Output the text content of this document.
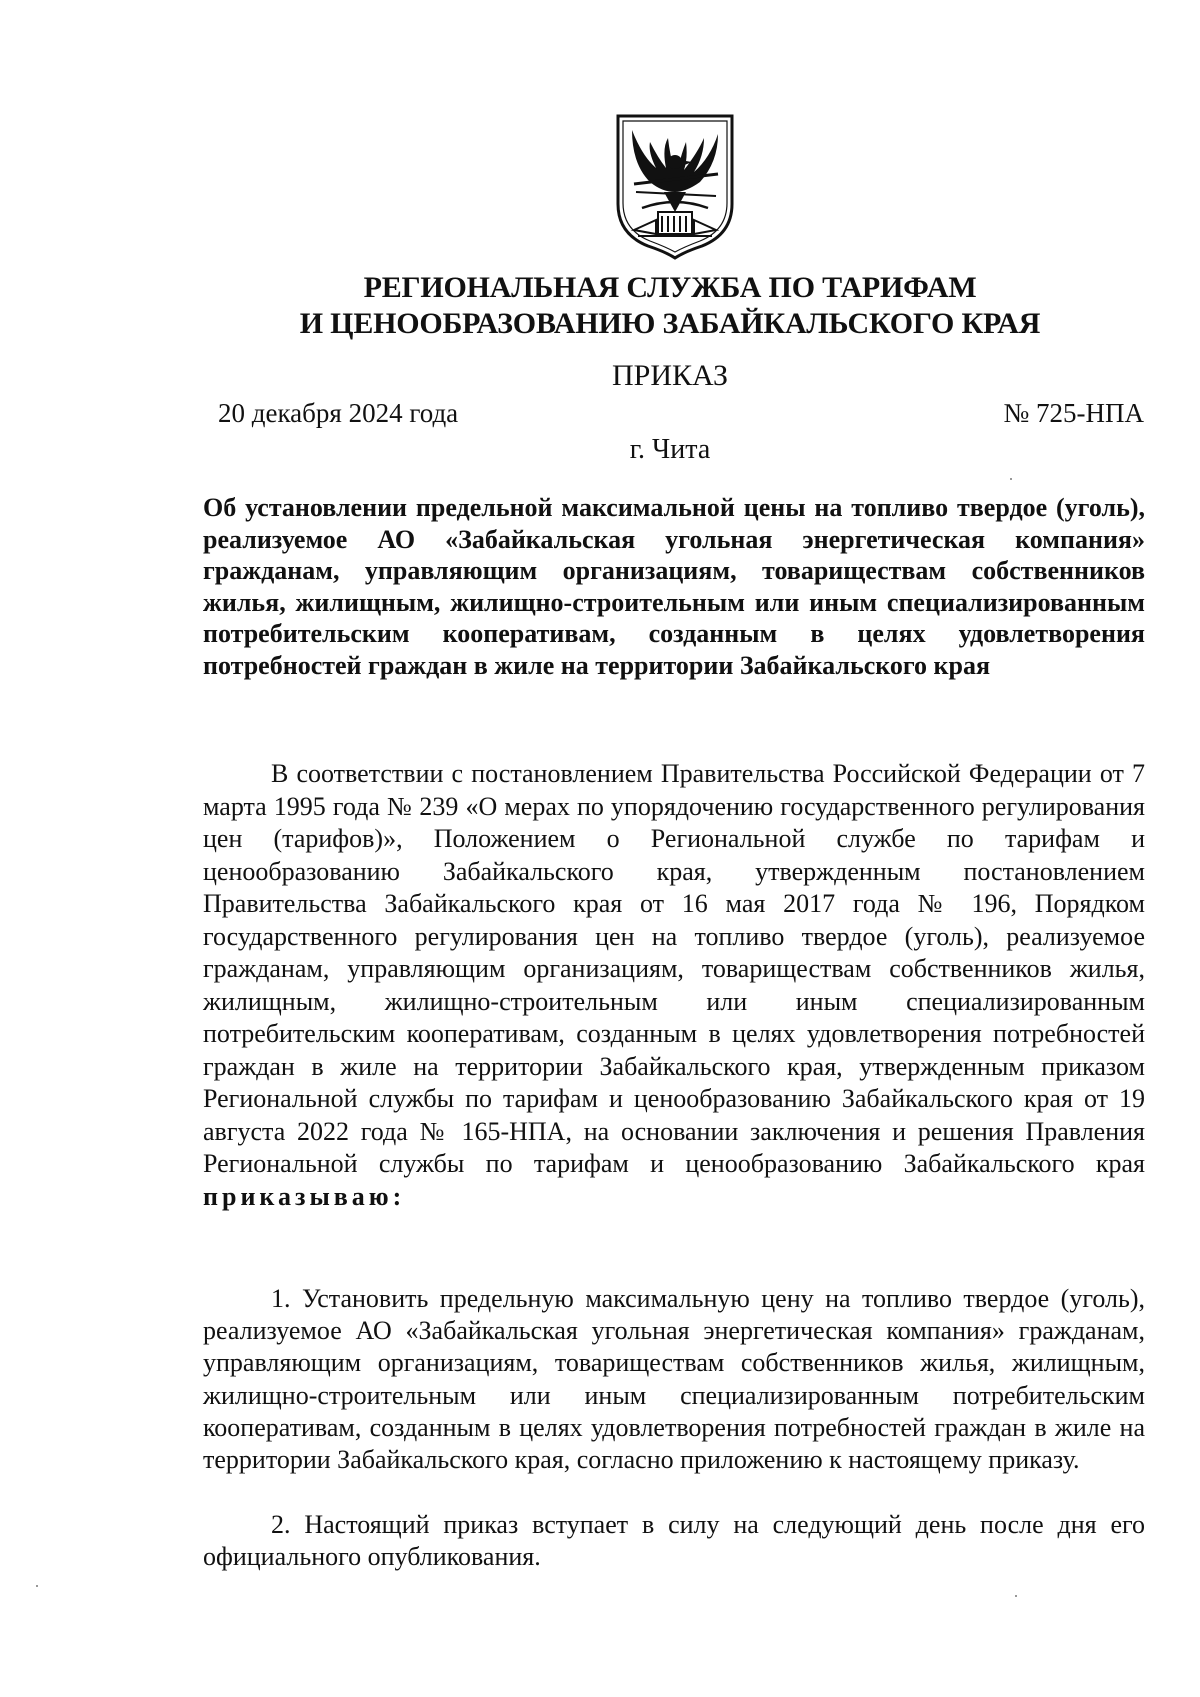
РЕГИОНАЛЬНАЯ СЛУЖБА ПО ТАРИФАМ
И ЦЕНООБРАЗОВАНИЮ ЗАБАЙКАЛЬСКОГО КРАЯ
ПРИКАЗ
20 декабря 2024 года	№ 725-НПА
г. Чита

Об установлении предельной максимальной цены на топливо твердое (уголь), реализуемое АО «Забайкальская угольная энергетическая компания» гражданам, управляющим организациям, товариществам собственников жилья, жилищным, жилищно-строительным или иным специализированным потребительским кооперативам, созданным в целях удовлетворения потребностей граждан в жиле на территории Забайкальского края

В соответствии с постановлением Правительства Российской Федерации от 7 марта 1995 года № 239 «О мерах по упорядочению государственного регулирования цен (тарифов)», Положением о Региональной службе по тарифам и ценообразованию Забайкальского края, утвержденным постановлением Правительства Забайкальского края от 16 мая 2017 года № 196, Порядком государственного регулирования цен на топливо твердое (уголь), реализуемое гражданам, управляющим организациям, товариществам собственников жилья, жилищным, жилищно-строительным или иным специализированным потребительским кооперативам, созданным в целях удовлетворения потребностей граждан в жиле на территории Забайкальского края, утвержденным приказом Региональной службы по тарифам и ценообразованию Забайкальского края от 19 августа 2022 года № 165-НПА, на основании заключения и решения Правления Региональной службы по тарифам и ценообразованию Забайкальского края приказываю:

1. Установить предельную максимальную цену на топливо твердое (уголь), реализуемое АО «Забайкальская угольная энергетическая компания» гражданам, управляющим организациям, товариществам собственников жилья, жилищным, жилищно-строительным или иным специализированным потребительским кооперативам, созданным в целях удовлетворения потребностей граждан в жиле на территории Забайкальского края, согласно приложению к настоящему приказу.

2. Настоящий приказ вступает в силу на следующий день после дня его официального опубликования.
